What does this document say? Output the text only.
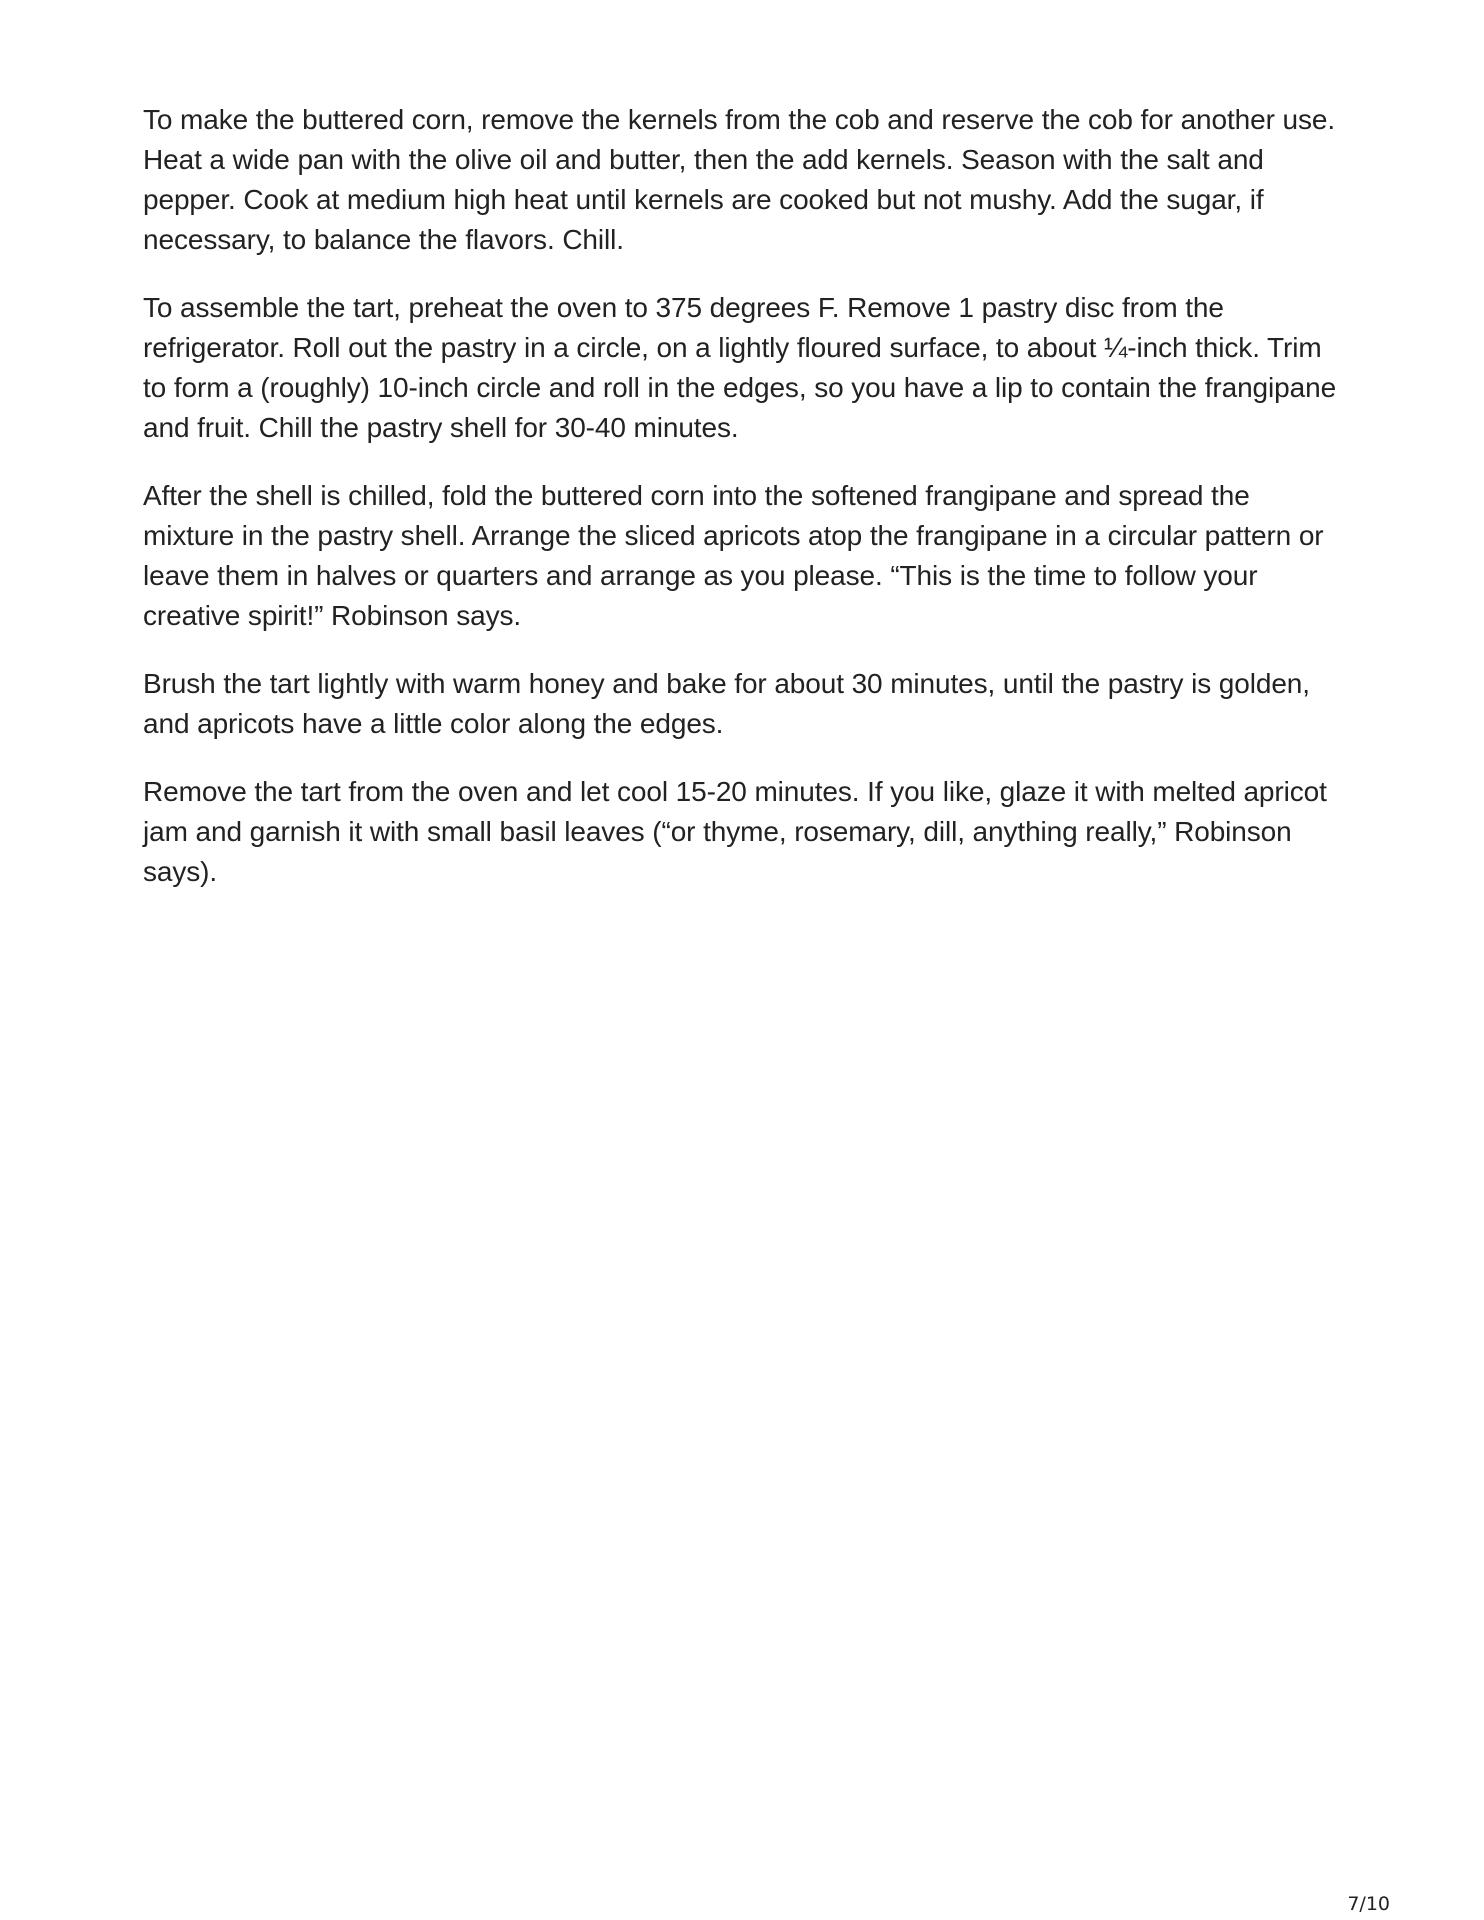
To make the buttered corn, remove the kernels from the cob and reserve the cob for another use. Heat a wide pan with the olive oil and butter, then the add kernels. Season with the salt and pepper. Cook at medium high heat until kernels are cooked but not mushy. Add the sugar, if necessary, to balance the flavors. Chill.

To assemble the tart, preheat the oven to 375 degrees F. Remove 1 pastry disc from the refrigerator. Roll out the pastry in a circle, on a lightly floured surface, to about ¼-inch thick. Trim to form a (roughly) 10-inch circle and roll in the edges, so you have a lip to contain the frangipane and fruit. Chill the pastry shell for 30-40 minutes.

After the shell is chilled, fold the buttered corn into the softened frangipane and spread the mixture in the pastry shell. Arrange the sliced apricots atop the frangipane in a circular pattern or leave them in halves or quarters and arrange as you please. “This is the time to follow your creative spirit!” Robinson says.

Brush the tart lightly with warm honey and bake for about 30 minutes, until the pastry is golden, and apricots have a little color along the edges.

Remove the tart from the oven and let cool 15-20 minutes. If you like, glaze it with melted apricot jam and garnish it with small basil leaves (“or thyme, rosemary, dill, anything really,” Robinson says).

7/10
